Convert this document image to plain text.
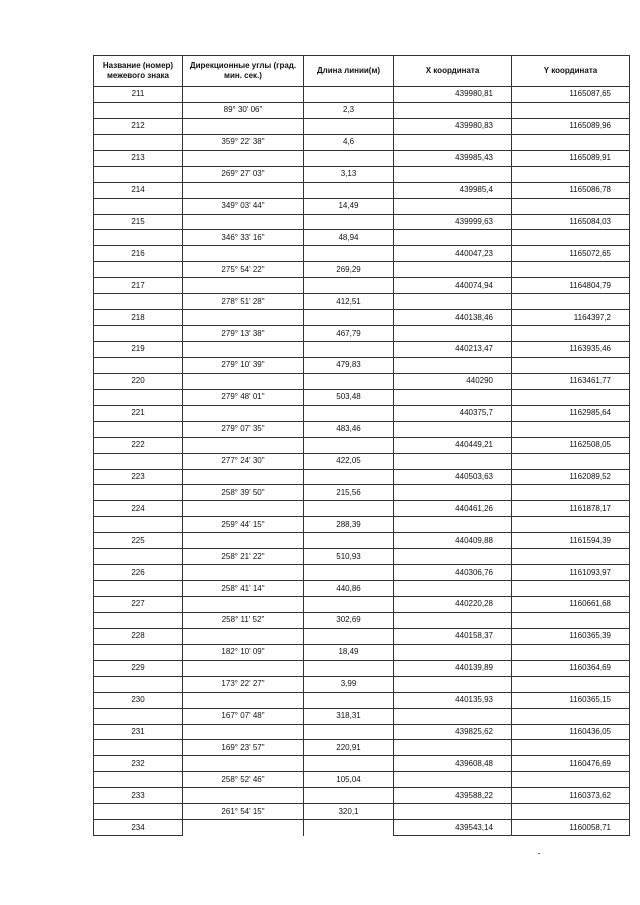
Название (номер) межевого знака	Дирекционные углы (град. мин. сек.)	Длина линии(м)	X координата	Y координата
211			439980,81	1165087,65
	89° 30' 06"	2,3		
212			439980,83	1165089,96
	359° 22' 38"	4,6		
213			439985,43	1165089,91
	269° 27' 03"	3,13		
214			439985,4	1165086,78
	349° 03' 44"	14,49		
215			439999,63	1165084,03
	346° 33' 16"	48,94		
216			440047,23	1165072,65
	275° 54' 22"	269,29		
217			440074,94	1164804,79
	278° 51' 28"	412,51		
218			440138,46	1164397,2
	279° 13' 38"	467,79		
219			440213,47	1163935,46
	279° 10' 39"	479,83		
220			440290	1163461,77
	279° 48' 01"	503,48		
221			440375,7	1162985,64
	279° 07' 35"	483,46		
222			440449,21	1162508,05
	277° 24' 30"	422,05		
223			440503,63	1162089,52
	258° 39' 50"	215,56		
224			440461,26	1161878,17
	259° 44' 15"	288,39		
225			440409,88	1161594,39
	258° 21' 22"	510,93		
226			440306,76	1161093,97
	258° 41' 14"	440,86		
227			440220,28	1160661,68
	258° 11' 52"	302,69		
228			440158,37	1160365,39
	182° 10' 09"	18,49		
229			440139,89	1160364,69
	173° 22' 27"	3,99		
230			440135,93	1160365,15
	167° 07' 48"	318,31		
231			439825,62	1160436,05
	169° 23' 57"	220,91		
232			439608,48	1160476,69
	258° 52' 46"	105,04		
233			439588,22	1160373,62
	261° 54' 15"	320,1		
234			439543,14	1160058,71
